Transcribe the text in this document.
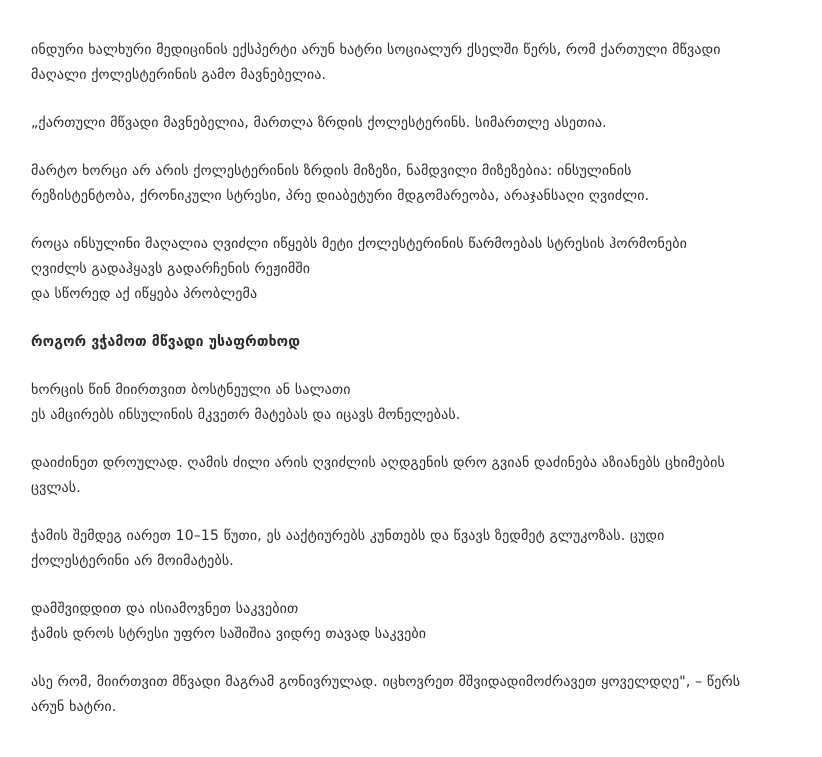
ინდური ხალხური მედიცინის ექსპერტი არუნ ხატრი სოციალურ ქსელში წერს, რომ ქართული მწვადი
მაღალი ქოლესტერინის გამო მავნებელია.

„ქართული მწვადი მავნებელია, მართლა ზრდის ქოლესტერინს. სიმართლე ასეთია.

მარტო ხორცი არ არის ქოლესტერინის ზრდის მიზეზი, ნამდვილი მიზეზებია: ინსულინის
რეზისტენტობა, ქრონიკული სტრესი, პრე დიაბეტური მდგომარეობა, არაჯანსაღი ღვიძლი.

როცა ინსულინი მაღალია ღვიძლი იწყებს მეტი ქოლესტერინის წარმოებას სტრესის ჰორმონები
ღვიძლს გადაჰყავს გადარჩენის რეჟიმში
და სწორედ აქ იწყება პრობლემა

როგორ ვჭამოთ მწვადი უსაფრთხოდ

ხორცის წინ მიირთვით ბოსტნეული ან სალათი
ეს ამცირებს ინსულინის მკვეთრ მატებას და იცავს მონელებას.

დაიძინეთ დროულად. ღამის ძილი არის ღვიძლის აღდგენის დრო გვიან დაძინება აზიანებს ცხიმების
ცვლას.

ჭამის შემდეგ იარეთ 10–15 წუთი, ეს ააქტიურებს კუნთებს და წვავს ზედმეტ გლუკოზას. ცუდი
ქოლესტერინი არ მოიმატებს.

დამშვიდდით და ისიამოვნეთ საკვებით
ჭამის დროს სტრესი უფრო საშიშია ვიდრე თავად საკვები

ასე რომ, მიირთვით მწვადი მაგრამ გონივრულად. იცხოვრეთ მშვიდადიმოძრავეთ ყოველდღე", – წერს
არუნ ხატრი.
